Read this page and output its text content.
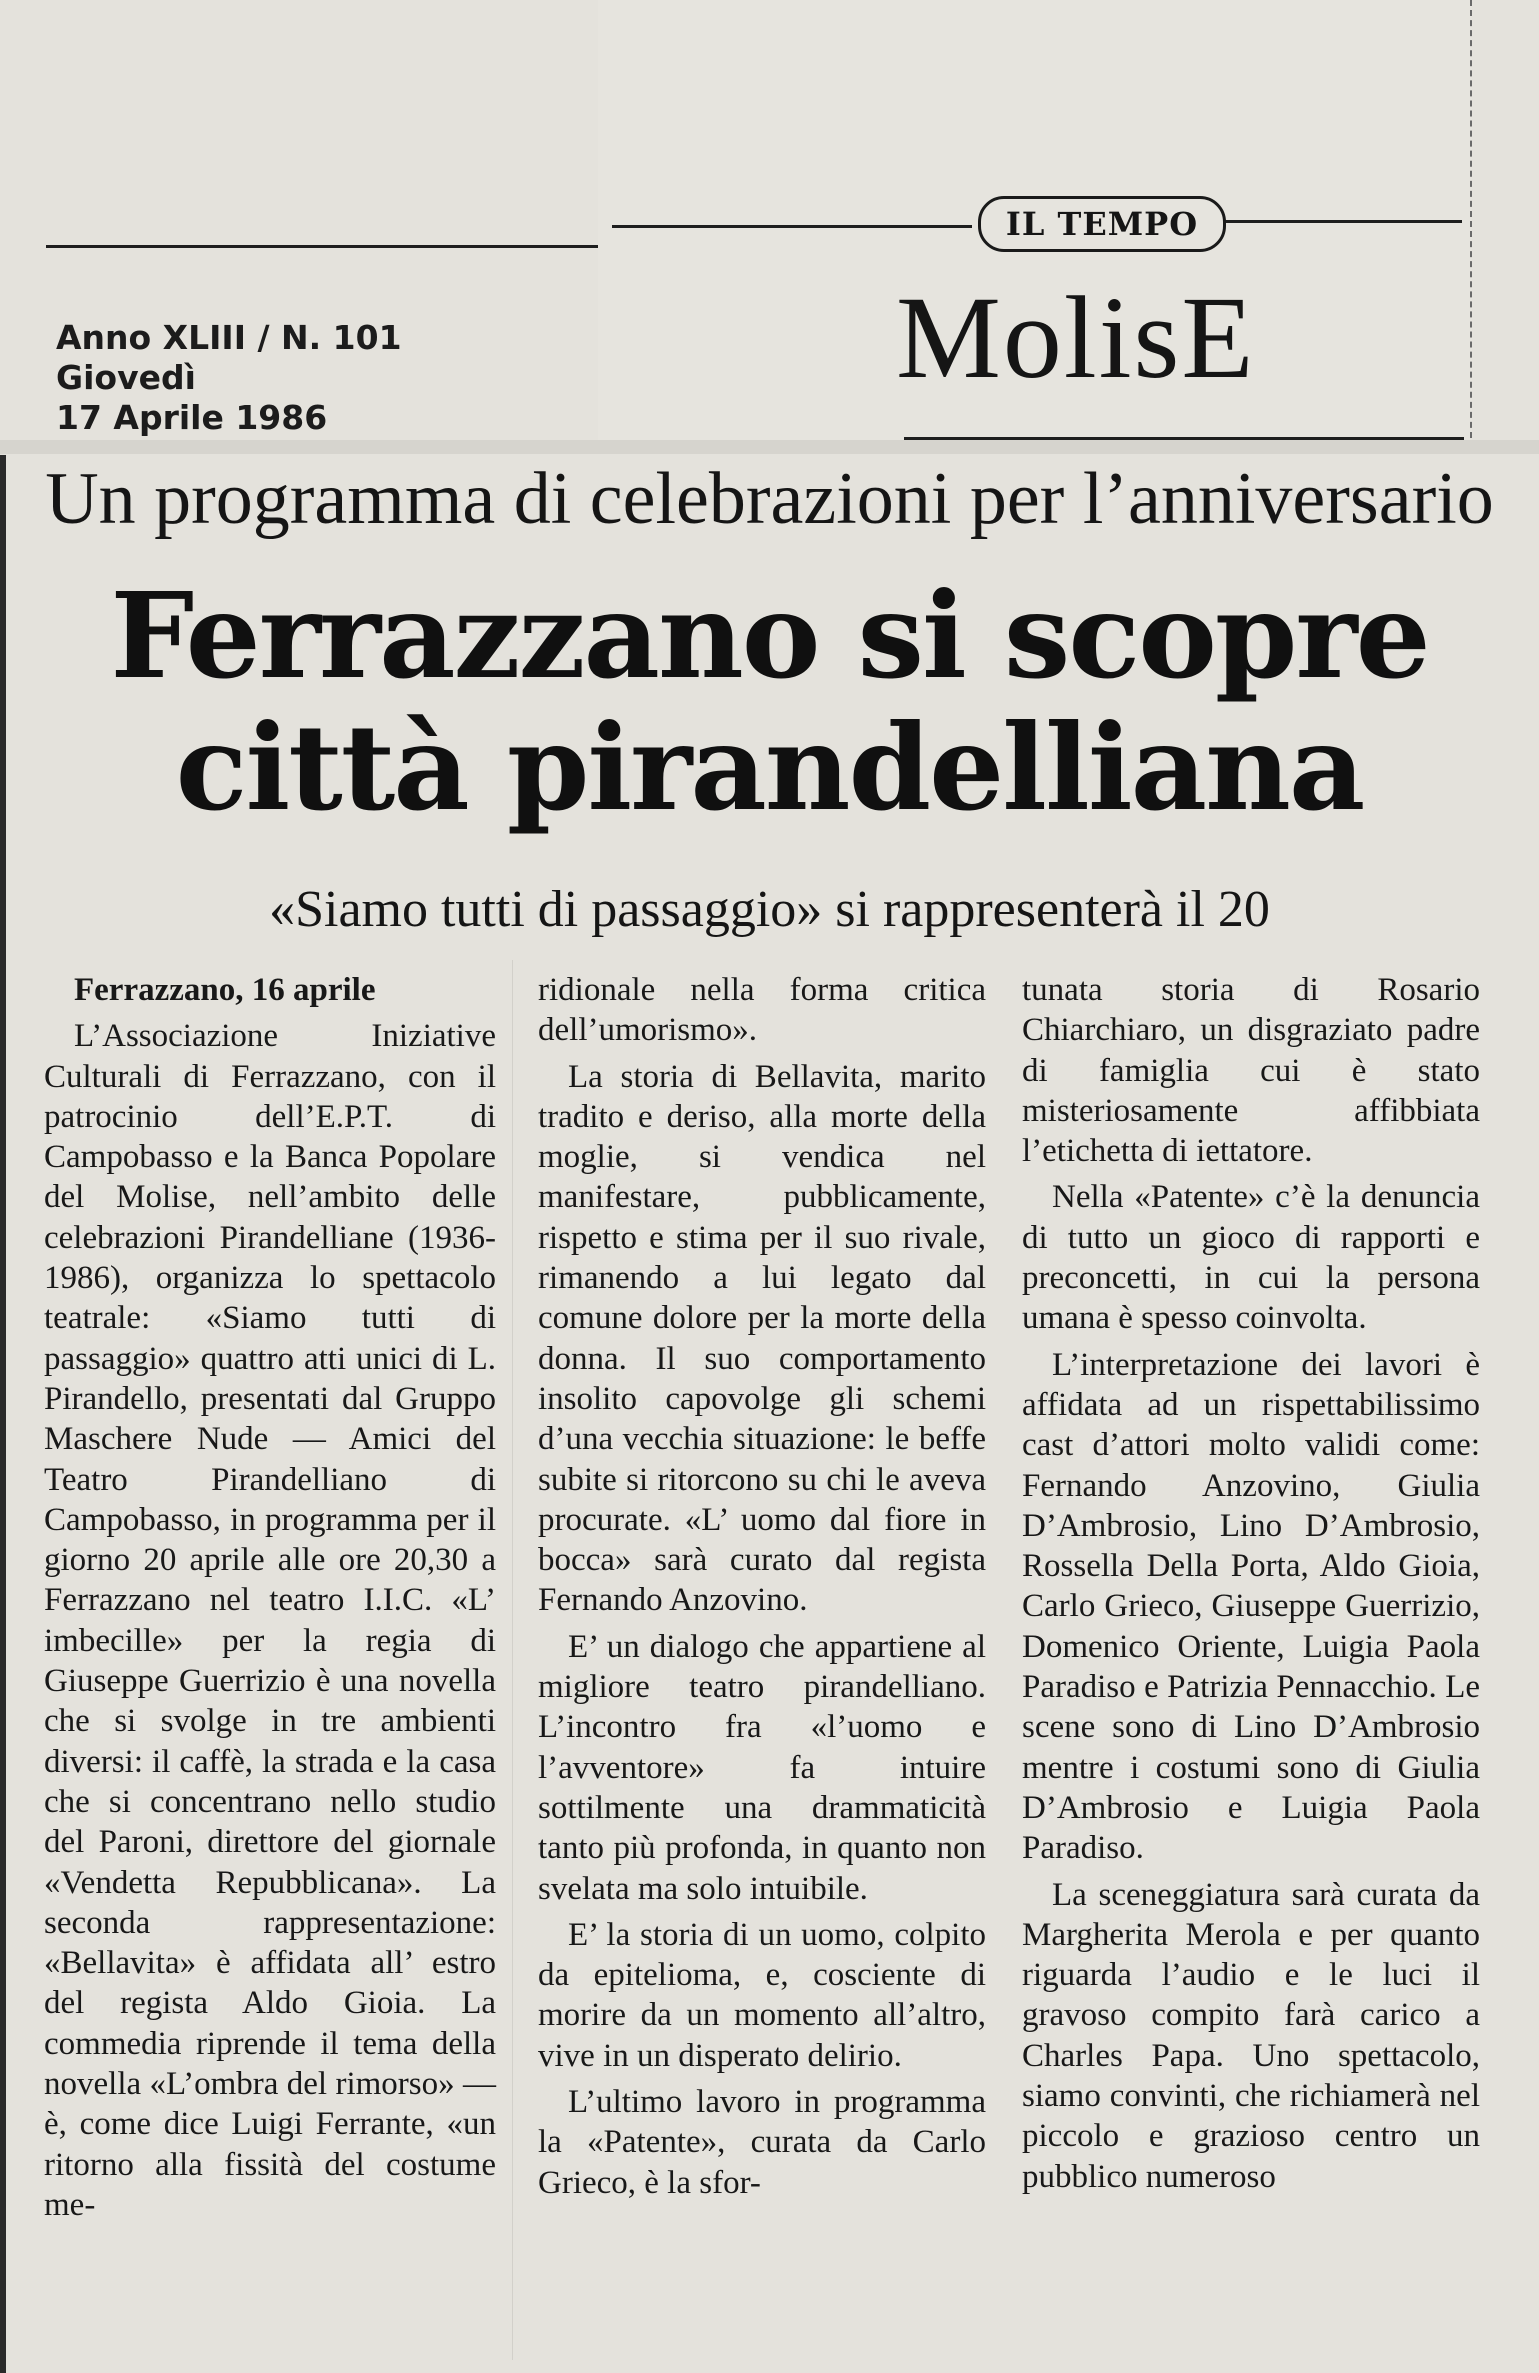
Anno XLIII / N. 101
Giovedì
17 Aprile 1986
IL TEMPO
MolisE
Un programma di celebrazioni per l’anniversario
Ferrazzano si scopre
città pirandelliana
«Siamo tutti di passaggio» si rappresenterà il 20

Ferrazzano, 16 aprile

L’Associazione Iniziative Culturali di Ferrazzano, con il patrocinio dell’E.P.T. di Campobasso e la Banca Popolare del Molise, nell’ambito delle celebrazioni Pirandelliane (1936-1986), organizza lo spettacolo teatrale: «Siamo tutti di passaggio» quattro atti unici di L. Pirandello, presentati dal Gruppo Maschere Nude — Amici del Teatro Pirandelliano di Campobasso, in programma per il giorno 20 aprile alle ore 20,30 a Ferrazzano nel teatro I.I.C. «L’ imbecille» per la regia di Giuseppe Guerrizio è una novella che si svolge in tre ambienti diversi: il caffè, la strada e la casa che si concentrano nello studio del Paroni, direttore del giornale «Vendetta Repubblicana». La seconda rappresentazione: «Bellavita» è affidata all’ estro del regista Aldo Gioia. La commedia riprende il tema della novella «L’ombra del rimorso» — è, come dice Luigi Ferrante, «un ritorno alla fissità del costume me-

ridionale nella forma critica dell’umorismo».

La storia di Bellavita, marito tradito e deriso, alla morte della moglie, si vendica nel manifestare, pubblicamente, rispetto e stima per il suo rivale, rimanendo a lui legato dal comune dolore per la morte della donna. Il suo comportamento insolito capovolge gli schemi d’una vecchia situazione: le beffe subite si ritorcono su chi le aveva procurate. «L’ uomo dal fiore in bocca» sarà curato dal regista Fernando Anzovino.

E’ un dialogo che appartiene al migliore teatro pirandelliano. L’incontro fra «l’uomo e l’avventore» fa intuire sottilmente una drammaticità tanto più profonda, in quanto non svelata ma solo intuibile.

E’ la storia di un uomo, colpito da epitelioma, e, cosciente di morire da un momento all’altro, vive in un disperato delirio.

L’ultimo lavoro in programma la «Patente», curata da Carlo Grieco, è la sfor-

tunata storia di Rosario Chiarchiaro, un disgraziato padre di famiglia cui è stato misteriosamente affibbiata l’etichetta di iettatore.

Nella «Patente» c’è la denuncia di tutto un gioco di rapporti e preconcetti, in cui la persona umana è spesso coinvolta.

L’interpretazione dei lavori è affidata ad un rispettabilissimo cast d’attori molto validi come: Fernando Anzovino, Giulia D’Ambrosio, Lino D’Ambrosio, Rossella Della Porta, Aldo Gioia, Carlo Grieco, Giuseppe Guerrizio, Domenico Oriente, Luigia Paola Paradiso e Patrizia Pennacchio. Le scene sono di Lino D’Ambrosio mentre i costumi sono di Giulia D’Ambrosio e Luigia Paola Paradiso.

La sceneggiatura sarà curata da Margherita Merola e per quanto riguarda l’audio e le luci il gravoso compito farà carico a Charles Papa. Uno spettacolo, siamo convinti, che richiamerà nel piccolo e grazioso centro un pubblico numeroso
